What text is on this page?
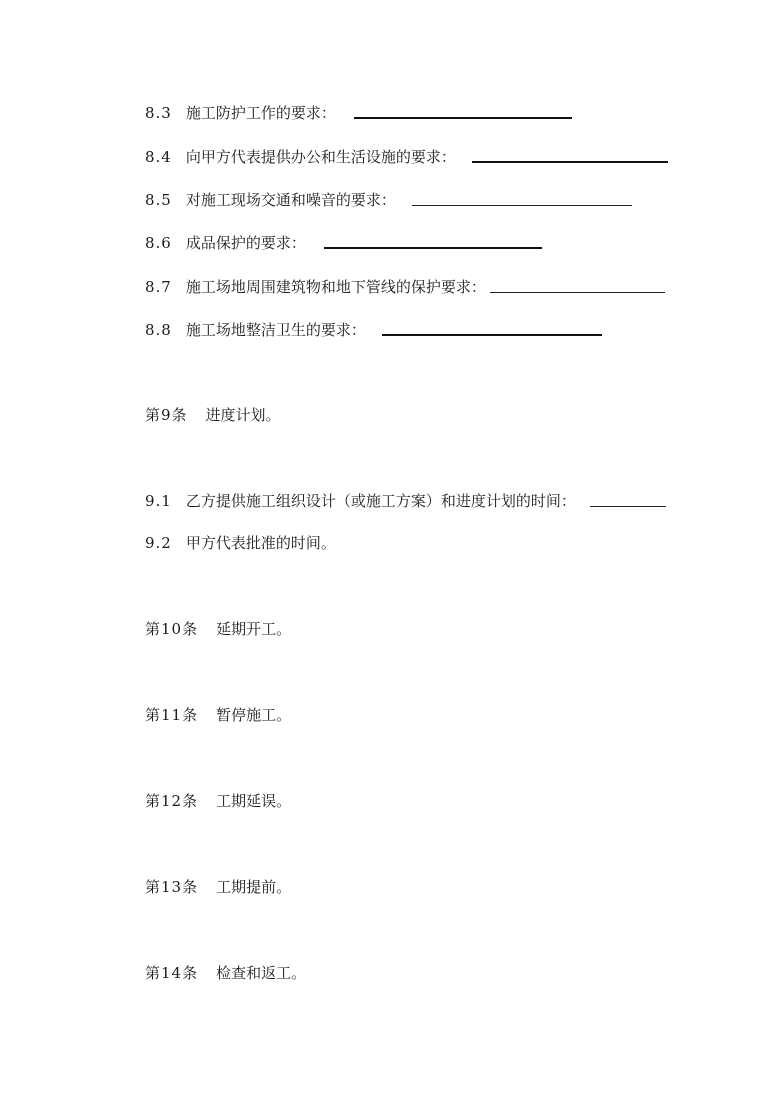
8.3 施工防护工作的要求：
8.4 向甲方代表提供办公和生活设施的要求：
8.5 对施工现场交通和噪音的要求：
8.6 成品保护的要求：
8.7 施工场地周围建筑物和地下管线的保护要求：
8.8 施工场地整洁卫生的要求：
第9条 进度计划。
9.1 乙方提供施工组织设计（或施工方案）和进度计划的时间：
9.2 甲方代表批准的时间。
第10条 延期开工。
第11条 暂停施工。
第12条 工期延误。
第13条 工期提前。
第14条 检查和返工。
